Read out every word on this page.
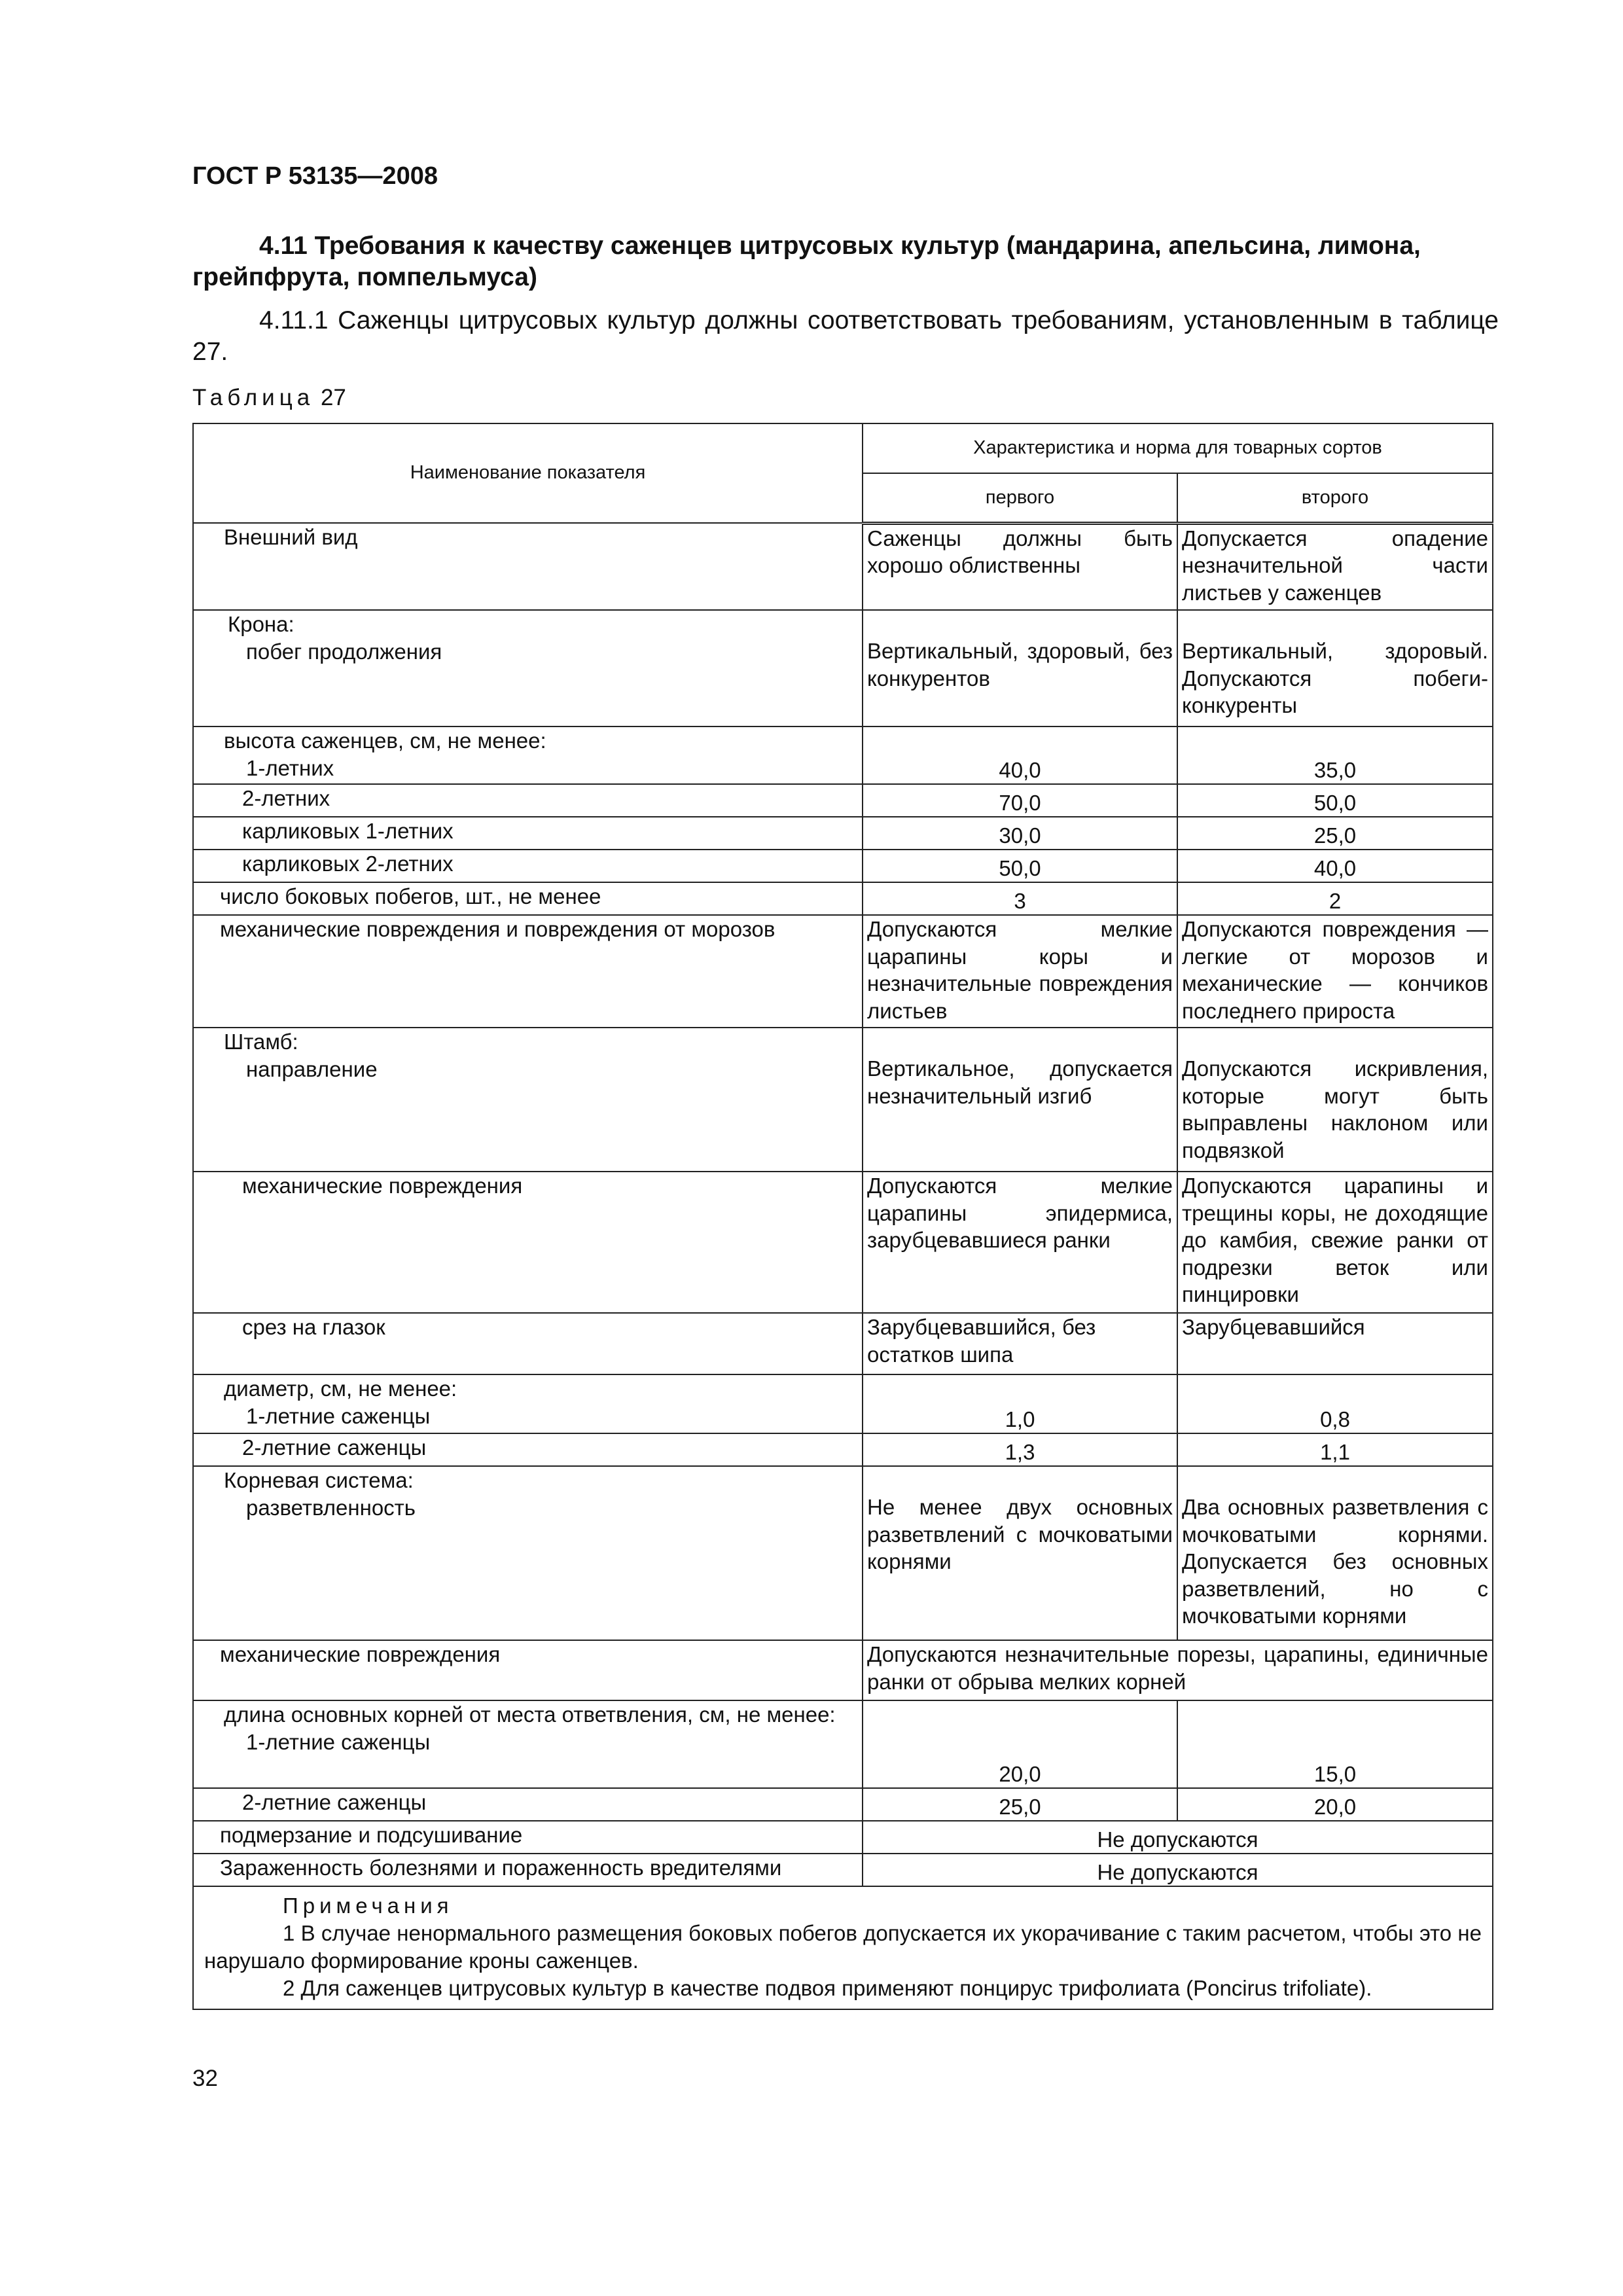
ГОСТ Р 53135—2008
4.11 Требования к качеству саженцев цитрусовых культур (мандарина, апельсина, лимона, грейпфрута, помпельмуса)
4.11.1 Саженцы цитрусовых культур должны соответствовать требованиям, установленным в таблице 27.
Таблица 27
Наименование показателя	Характеристика и норма для товарных сортов	
	первого	второго
Внешний вид	Саженцы должны быть хорошо облиственны	Допускается опадение незначительной части листьев у саженцев

Крона:
побег продолжения	Вертикальный, здоровый, без конкурентов	Вертикальный, здоровый. Допускаются побеги-конкуренты

высота саженцев, см, не менее:
1-летних	40,0	35,0
2-летних	70,0	50,0
карликовых 1-летних	30,0	25,0
карликовых 2-летних	50,0	40,0
число боковых побегов, шт., не менее	3	2
механические повреждения и повреждения от морозов	Допускаются мелкие царапины коры и незначительные повреждения листьев	Допускаются повреждения — легкие от морозов и механические — кончиков последнего прироста

Штамб:
направление	Вертикальное, допускается незначительный изгиб	Допускаются искривления, которые могут быть выправлены наклоном или подвязкой

механические повреждения	Допускаются мелкие царапины эпидермиса, зарубцевавшиеся ранки	Допускаются царапины и трещины коры, не доходящие до камбия, свежие ранки от подрезки веток или пинцировки
срез на глазок	Зарубцевавшийся, без остатков шипа	Зарубцевавшийся

диаметр, см, не менее:
1-летние саженцы	1,0	0,8
2-летние саженцы	1,3	1,1

Корневая система:
разветвленность	Не менее двух основных разветвлений с мочковатыми корнями	Два основных разветвления с мочковатыми корнями. Допускается без основных разветвлений, но с мочковатыми корнями

механические повреждения	Допускаются незначительные порезы, царапины, единичные ранки от обрыва мелких корней	

длина основных корней от места ответвления, см, не менее:
1-летние саженцы	20,0	15,0
2-летние саженцы	25,0	20,0
подмерзание и подсушивание	Не допускаются	
Зараженность болезнями и пораженность вредителями	Не допускаются	

Примечания

1 В случае ненормального размещения боковых побегов допускается их укорачивание с таким расчетом, чтобы это не нарушало формирование кроны саженцев.

2 Для саженцев цитрусовых культур в качестве подвоя применяют понцирус трифолиата (Poncirus trifoliate).		

32
